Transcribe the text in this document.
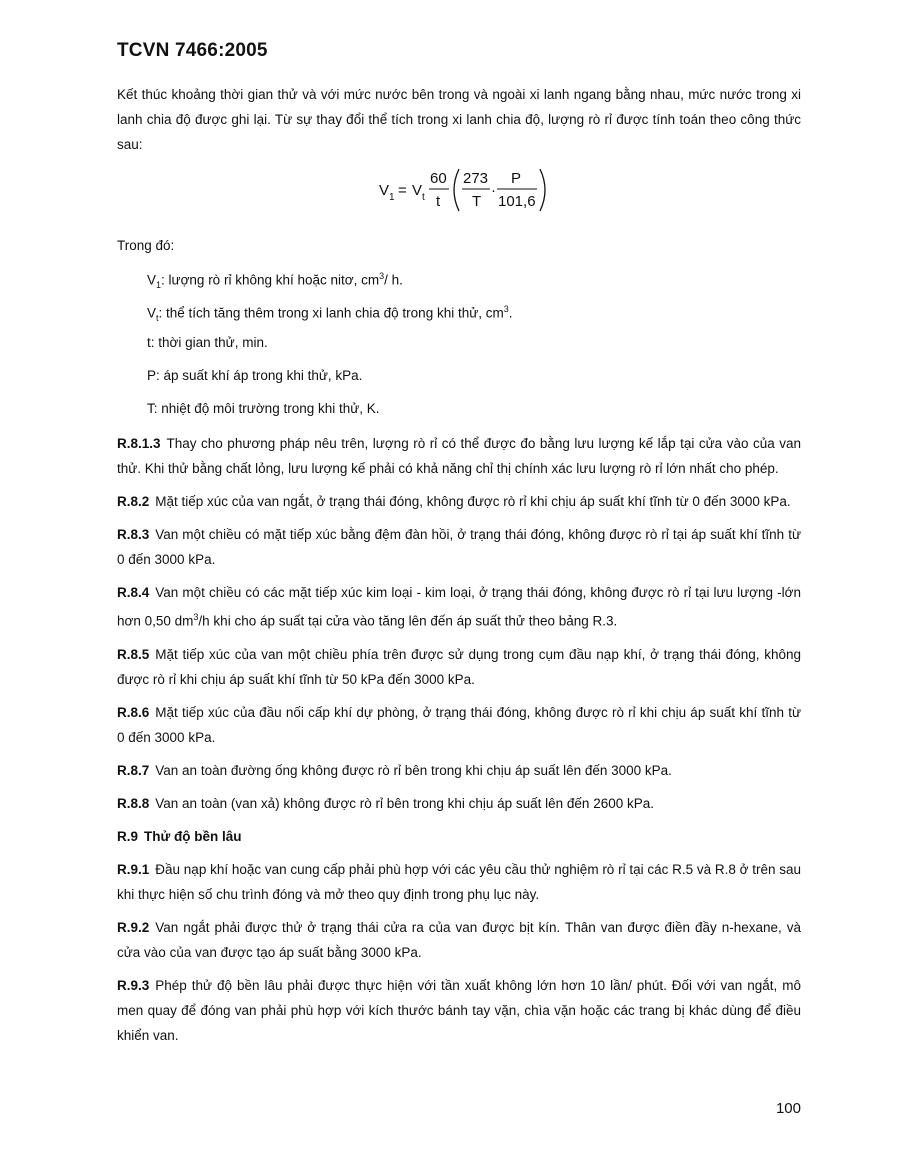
TCVN 7466:2005

Kết thúc khoảng thời gian thử và với mức nước bên trong và ngoài xi lanh ngang bằng nhau, mức nước trong xi lanh chia độ được ghi lại. Từ sự thay đổi thể tích trong xi lanh chia độ, lượng rò rỉ được tính toán theo công thức sau:

V 1 = V t
60
t
273
T
·
P
101,6

Trong đó:

$V_1$: lượng rò rỉ không khí hoặc nitơ, $cm^3/$ h.
$V_t$: thể tích tăng thêm trong xi lanh chia độ trong khi thử, $cm^3$.
t: thời gian thử, min.
P: áp suất khí áp trong khi thử, kPa.
T: nhiệt độ môi trường trong khi thử, K.

R.8.1.3 Thay cho phương pháp nêu trên, lượng rò rỉ có thể được đo bằng lưu lượng kế lắp tại cửa vào của van thử. Khi thử bằng chất lỏng, lưu lượng kế phải có khả năng chỉ thị chính xác lưu lượng rò rỉ lớn nhất cho phép.

R.8.2 Mặt tiếp xúc của van ngắt, ở trạng thái đóng, không được rò rỉ khi chịu áp suất khí tĩnh từ 0 đến 3000 kPa.

R.8.3 Van một chiều có mặt tiếp xúc bằng đệm đàn hồi, ở trạng thái đóng, không được rò rỉ tại áp suất khí tĩnh từ 0 đến 3000 kPa.

R.8.4 Van một chiều có các mặt tiếp xúc kim loại - kim loại, ở trạng thái đóng, không được rò rỉ tại lưu lượng -lớn hơn 0,50 $dm^3/h$ khi cho áp suất tại cửa vào tăng lên đến áp suất thử theo bảng R.3.

R.8.5 Mặt tiếp xúc của van một chiều phía trên được sử dụng trong cụm đầu nạp khí, ở trạng thái đóng, không được rò rỉ khi chịu áp suất khí tĩnh từ 50 kPa đến 3000 kPa.

R.8.6 Mặt tiếp xúc của đầu nối cấp khí dự phòng, ở trạng thái đóng, không được rò rỉ khi chịu áp suất khí tĩnh từ 0 đến 3000 kPa.

R.8.7 Van an toàn đường ống không được rò rỉ bên trong khi chịu áp suất lên đến 3000 kPa.

R.8.8 Van an toàn (van xả) không được rò rỉ bên trong khi chịu áp suất lên đến 2600 kPa.

R.9 Thử độ bền lâu

R.9.1 Đầu nạp khí hoặc van cung cấp phải phù hợp với các yêu cầu thử nghiệm rò rỉ tại các R.5 và R.8 ở trên sau khi thực hiện số chu trình đóng và mở theo quy định trong phụ lục này.

R.9.2 Van ngắt phải được thử ở trạng thái cửa ra của van được bịt kín. Thân van được điền đầy n-hexane, và cửa vào của van được tạo áp suất bằng 3000 kPa.

R.9.3 Phép thử độ bền lâu phải được thực hiện với tần xuất không lớn hơn 10 lần/ phút. Đối với van ngắt, mô men quay để đóng van phải phù hợp với kích thước bánh tay vặn, chìa vặn hoặc các trang bị khác dùng để điều khiển van.

100
